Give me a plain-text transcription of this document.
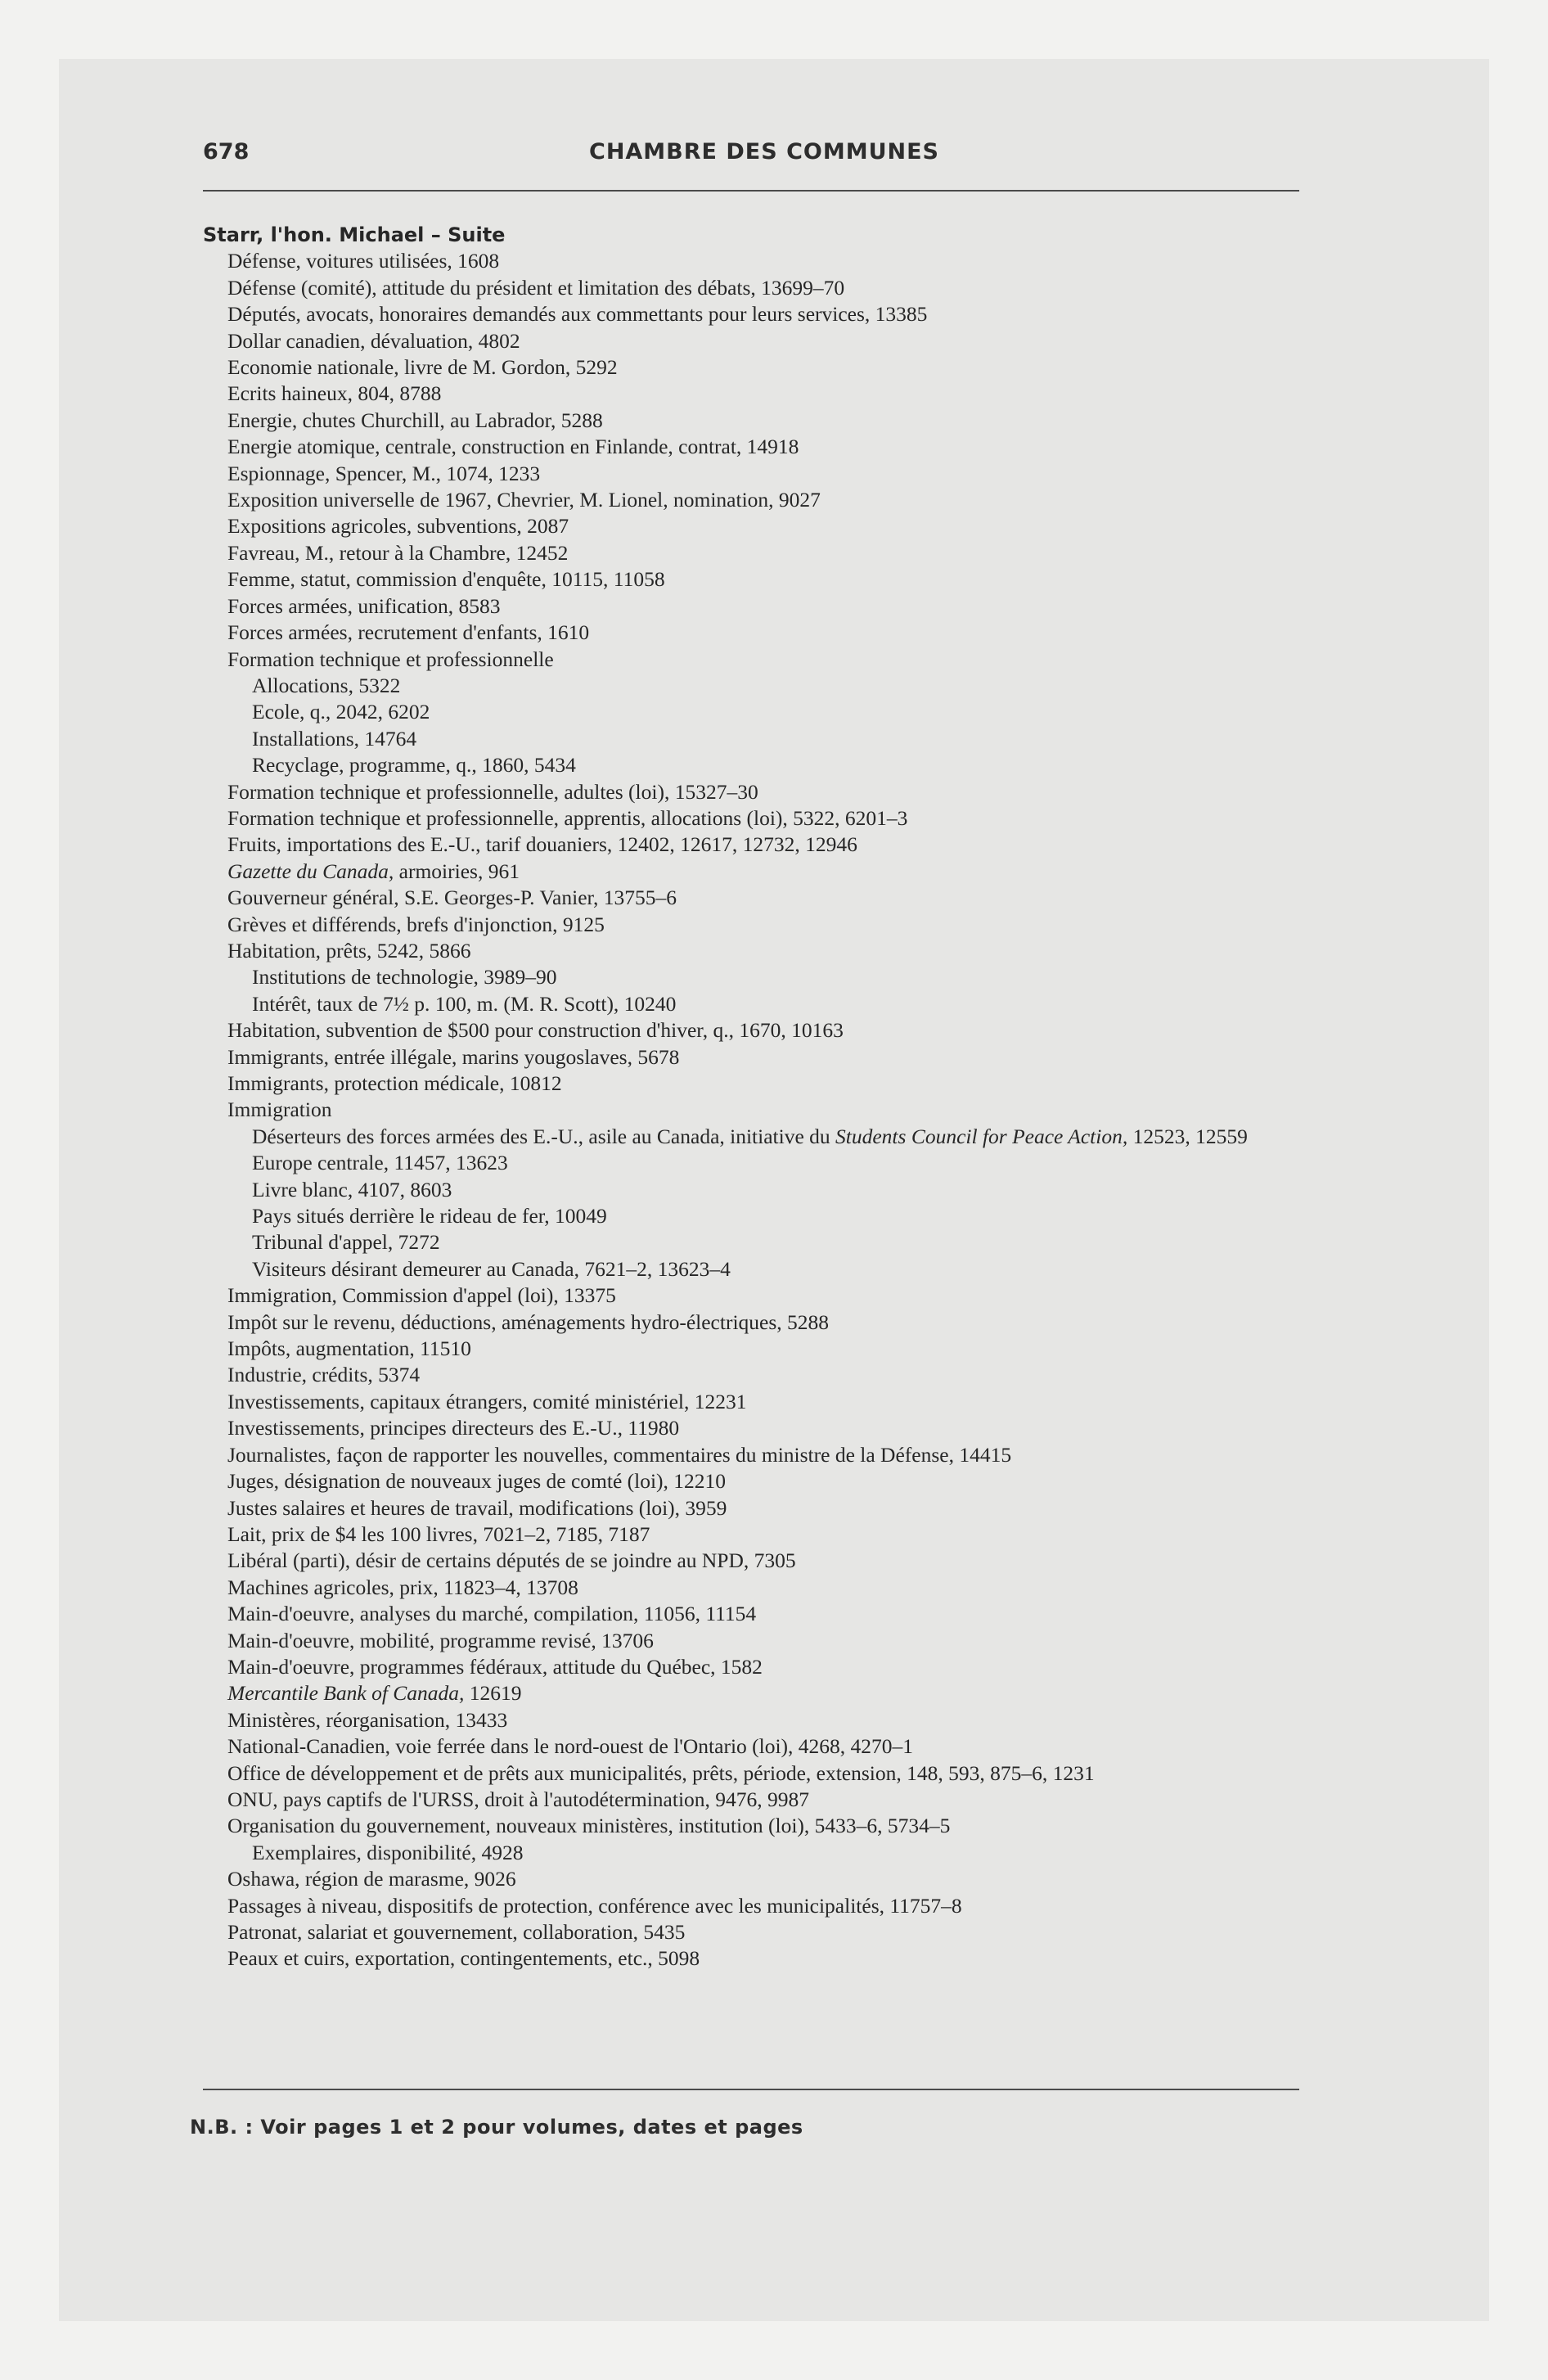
678	CHAMBRE DES COMMUNES
Starr, l'hon. Michael – Suite
Défense, voitures utilisées, 1608
Défense (comité), attitude du président et limitation des débats, 13699–70
Députés, avocats, honoraires demandés aux commettants pour leurs services, 13385
Dollar canadien, dévaluation, 4802
Economie nationale, livre de M. Gordon, 5292
Ecrits haineux, 804, 8788
Energie, chutes Churchill, au Labrador, 5288
Energie atomique, centrale, construction en Finlande, contrat, 14918
Espionnage, Spencer, M., 1074, 1233
Exposition universelle de 1967, Chevrier, M. Lionel, nomination, 9027
Expositions agricoles, subventions, 2087
Favreau, M., retour à la Chambre, 12452
Femme, statut, commission d'enquête, 10115, 11058
Forces armées, unification, 8583
Forces armées, recrutement d'enfants, 1610
Formation technique et professionnelle
Allocations, 5322
Ecole, q., 2042, 6202
Installations, 14764
Recyclage, programme, q., 1860, 5434
Formation technique et professionnelle, adultes (loi), 15327–30
Formation technique et professionnelle, apprentis, allocations (loi), 5322, 6201–3
Fruits, importations des E.-U., tarif douaniers, 12402, 12617, 12732, 12946
Gazette du Canada, armoiries, 961
Gouverneur général, S.E. Georges-P. Vanier, 13755–6
Grèves et différends, brefs d'injonction, 9125
Habitation, prêts, 5242, 5866
Institutions de technologie, 3989–90
Intérêt, taux de 7½ p. 100, m. (M. R. Scott), 10240
Habitation, subvention de $500 pour construction d'hiver, q., 1670, 10163
Immigrants, entrée illégale, marins yougoslaves, 5678
Immigrants, protection médicale, 10812
Immigration
Déserteurs des forces armées des E.-U., asile au Canada, initiative du Students Council for Peace Action, 12523, 12559
Europe centrale, 11457, 13623
Livre blanc, 4107, 8603
Pays situés derrière le rideau de fer, 10049
Tribunal d'appel, 7272
Visiteurs désirant demeurer au Canada, 7621–2, 13623–4
Immigration, Commission d'appel (loi), 13375
Impôt sur le revenu, déductions, aménagements hydro-électriques, 5288
Impôts, augmentation, 11510
Industrie, crédits, 5374
Investissements, capitaux étrangers, comité ministériel, 12231
Investissements, principes directeurs des E.-U., 11980
Journalistes, façon de rapporter les nouvelles, commentaires du ministre de la Défense, 14415
Juges, désignation de nouveaux juges de comté (loi), 12210
Justes salaires et heures de travail, modifications (loi), 3959
Lait, prix de $4 les 100 livres, 7021–2, 7185, 7187
Libéral (parti), désir de certains députés de se joindre au NPD, 7305
Machines agricoles, prix, 11823–4, 13708
Main-d'oeuvre, analyses du marché, compilation, 11056, 11154
Main-d'oeuvre, mobilité, programme revisé, 13706
Main-d'oeuvre, programmes fédéraux, attitude du Québec, 1582
Mercantile Bank of Canada, 12619
Ministères, réorganisation, 13433
National-Canadien, voie ferrée dans le nord-ouest de l'Ontario (loi), 4268, 4270–1
Office de développement et de prêts aux municipalités, prêts, période, extension, 148, 593, 875–6, 1231
ONU, pays captifs de l'URSS, droit à l'autodétermination, 9476, 9987
Organisation du gouvernement, nouveaux ministères, institution (loi), 5433–6, 5734–5
Exemplaires, disponibilité, 4928
Oshawa, région de marasme, 9026
Passages à niveau, dispositifs de protection, conférence avec les municipalités, 11757–8
Patronat, salariat et gouvernement, collaboration, 5435
Peaux et cuirs, exportation, contingentements, etc., 5098
N.B. : Voir pages 1 et 2 pour volumes, dates et pages
